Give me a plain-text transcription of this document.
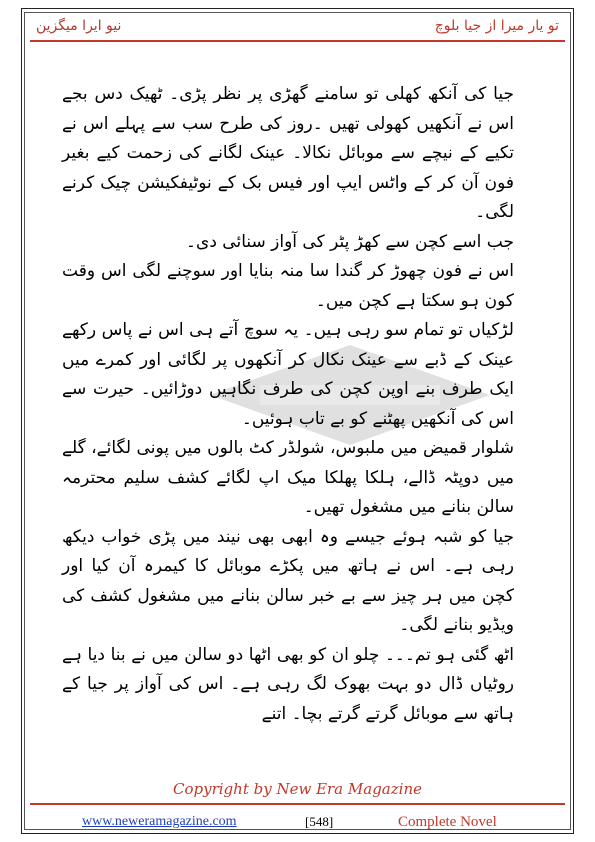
تو یار میرا از جیا بلوچ
نیو ایرا میگزین

جیا کی آنکھ کھلی تو سامنے گھڑی پر نظر پڑی۔ ٹھیک دس بجے اس نے آنکھیں کھولی تھیں ۔روز کی طرح سب سے پہلے اس نے تکیے کے نیچے سے موبائل نکالا۔ عینک لگانے کی زحمت کیے بغیر فون آن کر کے واٹس ایپ اور فیس بک کے نوٹیفکیشن چیک کرنے لگی۔

جب اسے کچن سے کھڑ پٹر کی آواز سنائی دی۔

اس نے فون چھوڑ کر گندا سا منہ بنایا اور سوچنے لگی اس وقت کون ہو سکتا ہے کچن میں۔

لڑکیاں تو تمام سو رہی ہیں۔ یہ سوچ آتے ہی اس نے پاس رکھے عینک کے ڈبے سے عینک نکال کر آنکھوں پر لگائی اور کمرے میں ایک طرف بنے اوپن کچن کی طرف نگاہیں دوڑائیں۔ حیرت سے اس کی آنکھیں پھٹنے کو بے تاب ہوئیں۔

شلوار قمیض میں ملبوس، شولڈر کٹ بالوں میں پونی لگائے، گلے میں دوپٹہ ڈالے، ہلکا پھلکا میک اپ لگائے کشف سلیم محترمہ سالن بنانے میں مشغول تھیں۔

جیا کو شبہ ہوئے جیسے وہ ابھی بھی نیند میں پڑی خواب دیکھ رہی ہے۔ اس نے ہاتھ میں پکڑے موبائل کا کیمرہ آن کیا اور کچن میں ہر چیز سے بے خبر سالن بنانے میں مشغول کشف کی ویڈیو بنانے لگی۔

اٹھ گئی ہو تم۔۔۔ چلو ان کو بھی اٹھا دو سالن میں نے بنا دیا ہے روٹیاں ڈال دو بہت بھوک لگ رہی ہے۔ اس کی آواز پر جیا کے ہاتھ سے موبائل گرتے گرتے بچا۔ اتنے

Copyright by New Era Magazine
www.neweramagazine.com	[548]	Complete Novel
